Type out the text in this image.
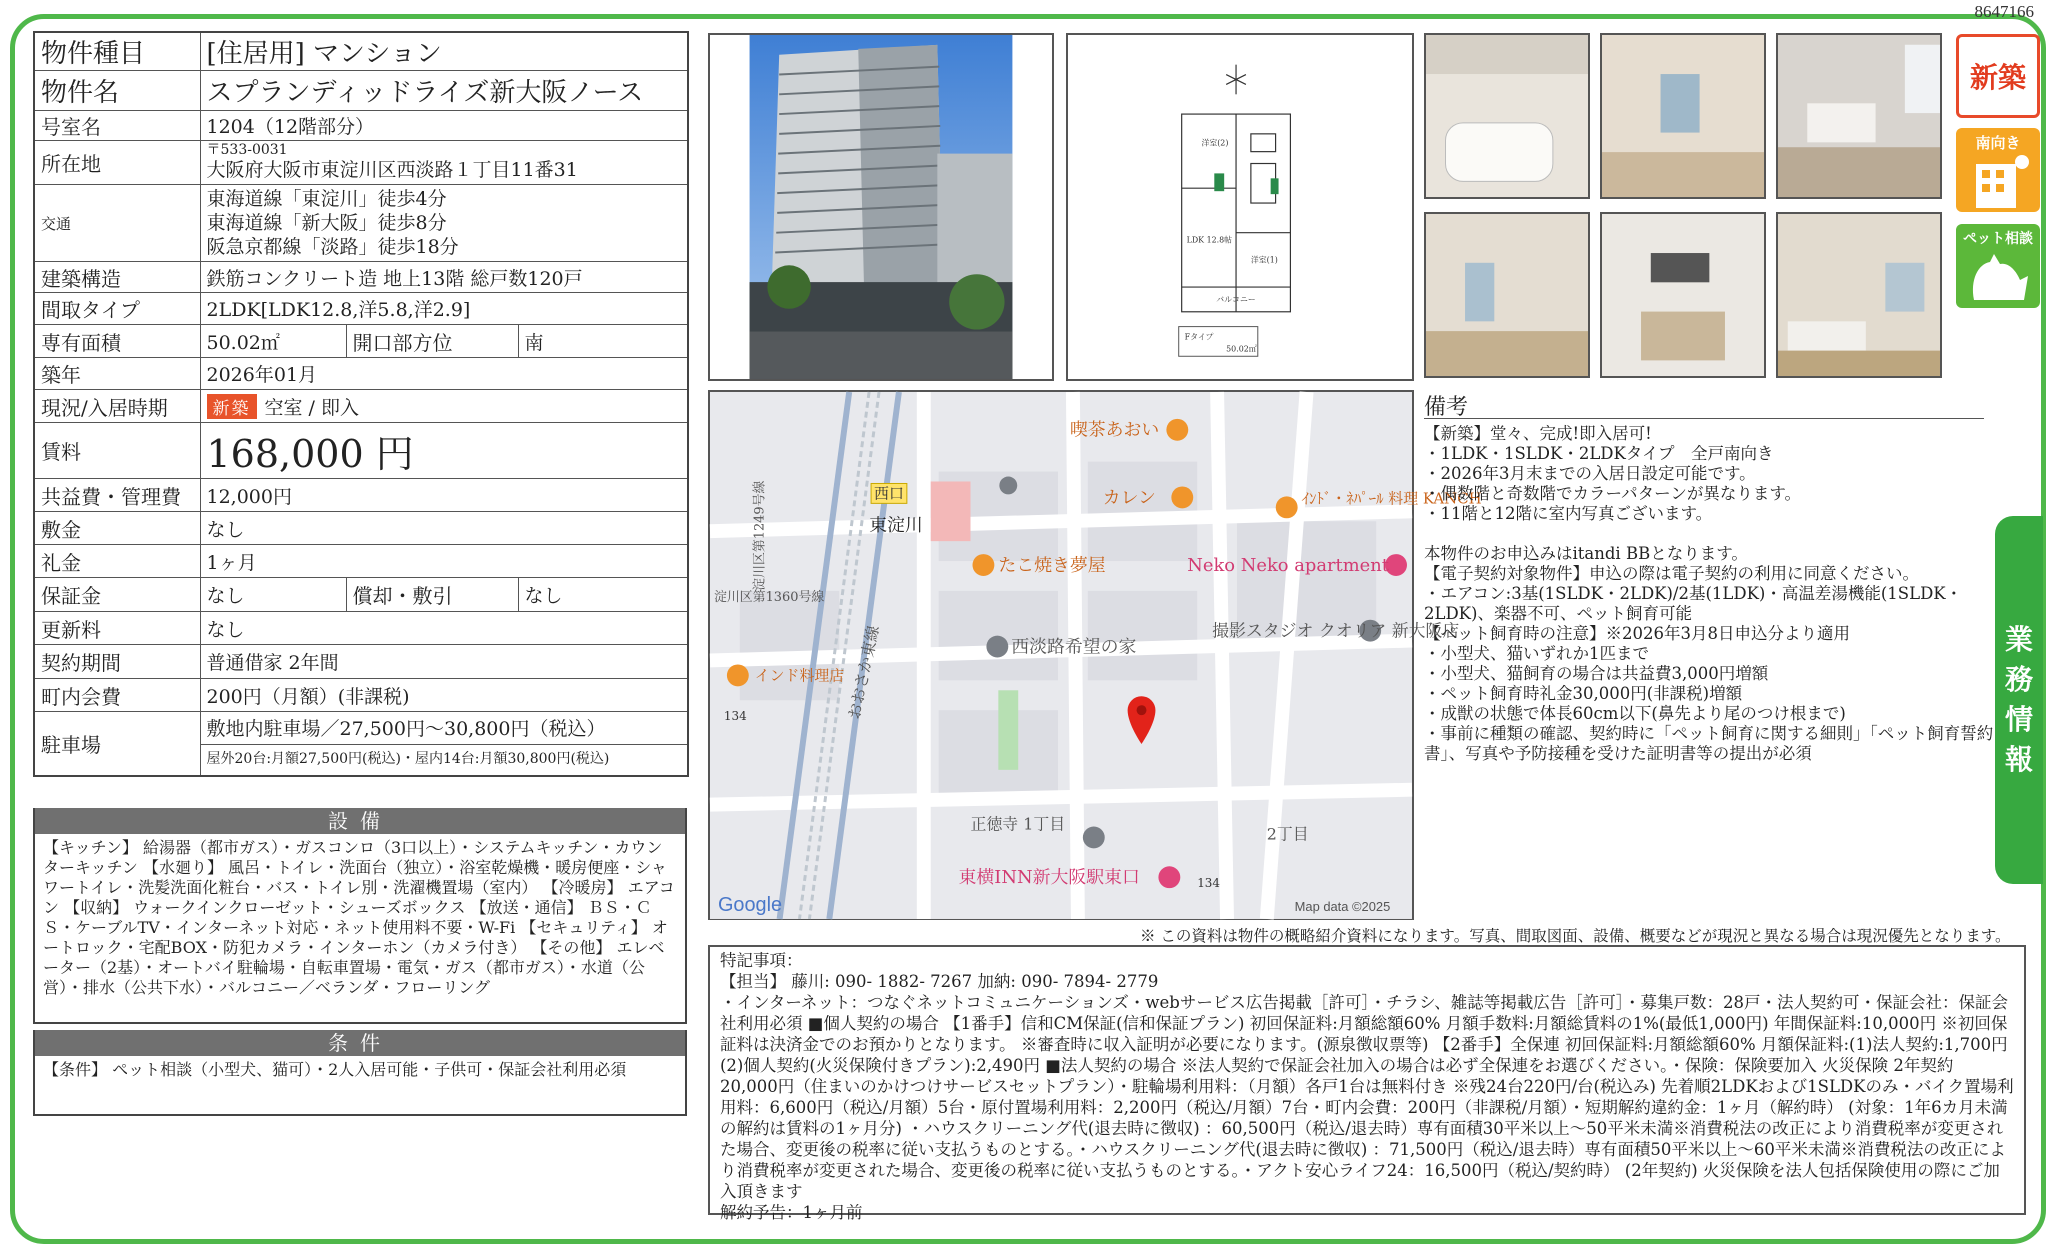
8647166
物件種目	[住居用] マンション		
物件名	スプランディッドライズ新大阪ノース		
号室名	1204（12階部分）		
所在地	〒533-0031
大阪府大阪市東淀川区西淡路１丁目11番31		
交通	東海道線「東淀川」徒歩4分
東海道線「新大阪」徒歩8分
阪急京都線「淡路」徒歩18分		

建築構造	鉄筋コンクリート造 地上13階 総戸数120戸		
間取タイプ	2LDK[LDK12.8,洋5.8,洋2.9]		
専有面積	50.02㎡	開口部方位	南
築年	2026年01月		
現況/入居時期	新築 空室 / 即入		
賃料	168,000 円		
共益費・管理費	12,000円		
敷金	なし		
礼金	1ヶ月		
保証金	なし	償却・敷引	なし
更新料	なし		
契約期間	普通借家 2年間		
町内会費	200円（月額）(非課税)		
駐車場	敷地内駐車場／27,500円〜30,800円（税込）
屋外20台:月額27,500円(税込)・屋内14台:月額30,800円(税込)		
設備
【キッチン】 給湯器（都市ガス）・ガスコンロ（3口以上）・システムキッチン・カウンターキッチン 【水廻り】 風呂・トイレ・洗面台（独立）・浴室乾燥機・暖房便座・シャワートイレ・洗髪洗面化粧台・バス・トイレ別・洗濯機置場（室内） 【冷暖房】 エアコン 【収納】 ウォークインクローゼット・シューズボックス 【放送・通信】 ＢＳ・ＣＳ・ケーブルTV・インターネット対応・ネット使用料不要・W-Fi 【セキュリティ】 オートロック・宅配BOX・防犯カメラ・インターホン（カメラ付き） 【その他】 エレベーター（2基）・オートバイ駐輪場・自転車置場・電気・ガス（都市ガス）・水道（公営）・排水（公共下水）・バルコニー／ベランダ・フローリング
条件
【条件】 ペット相談（小型犬、猫可）・2人入居可能・子供可・保証会社利用必須
洋室(2)
LDK 12.8帖
洋室(1)
バルコニー
Fタイプ
50.02㎡
新築
南向き
ペット相談
淀川区第1249号線
喫茶あおい
西口
東淀川
カレン	ｲﾝﾄﾞ・ﾈﾊﾟｰﾙ 料理 KANCH
たこ焼き夢屋	Neko Neko apartment
淀川区第1360号線
おおさか東線	撮影スタジオ クオリア 新大阪店
西淡路希望の家
インド料理店
134
正徳寺 1丁目
2丁目
東横INN新大阪駅東口	134
Google	Map data ©2025
備考
【新築】堂々、完成!即入居可!
・1LDK・1SLDK・2LDKタイプ　全戸南向き
・2026年3月末までの入居日設定可能です。
・偶数階と奇数階でカラーパターンが異なります。
・11階と12階に室内写真ございます。

本物件のお申込みはitandi BBとなります。
【電子契約対象物件】申込の際は電子契約の利用に同意ください。
・エアコン:3基(1SLDK・2LDK)/2基(1LDK)・高温差湯機能(1SLDK・2LDK)、楽器不可、ペット飼育可能
【ペット飼育時の注意】※2026年3月8日申込分より適用
・小型犬、猫いずれか1匹まで
・小型犬、猫飼育の場合は共益費3,000円増額
・ペット飼育時礼金30,000円(非課税)増額
・成獣の状態で体長60cm以下(鼻先より尾のつけ根まで)
・事前に種類の確認、契約時に「ペット飼育に関する細則」「ペット飼育誓約書」、写真や予防接種を受けた証明書等の提出が必須
業
務
情
報
※ この資料は物件の概略紹介資料になります。写真、間取図面、設備、概要などが現況と異なる場合は現況優先となります。
特記事項：
【担当】 藤川: 090- 1882- 7267 加納: 090- 7894- 2779
・インターネット：つなぐネットコミュニケーションズ・webサービス広告掲載［許可］・チラシ、雑誌等掲載広告［許可］・募集戸数：28戸・法人契約可・保証会社：保証会社利用必須 ■個人契約の場合 【1番手】信和CM保証(信和保証プラン) 初回保証料:月額総額60% 月額手数料:月額総賃料の1%(最低1,000円) 年間保証料:10,000円 ※初回保証料は決済金でのお預かりとなります。 ※審査時に収入証明が必要になります。(源泉徴収票等) 【2番手】全保連 初回保証料:月額総額60% 月額保証料:(1)法人契約:1,700円 (2)個人契約(火災保険付きプラン):2,490円 ■法人契約の場合 ※法人契約で保証会社加入の場合は必ず全保連をお選びください。・保険：保険要加入 火災保険 2年契約 20,000円（住まいのかけつけサービスセットプラン）・駐輪場利用料：（月額）各戸1台は無料付き ※残24台220円/台(税込み) 先着順2LDKおよび1SLDKのみ・バイク置場利用料：6,600円（税込/月額）5台・原付置場利用料：2,200円（税込/月額）7台・町内会費：200円（非課税/月額）・短期解約違約金：1ヶ月（解約時） (対象：1年6カ月未満の解約は賃料の1ヶ月分) ・ハウスクリーニング代(退去時に徴収) ：60,500円（税込/退去時）専有面積30平米以上〜50平米未満※消費税法の改正により消費税率が変更された場合、変更後の税率に従い支払うものとする。・ハウスクリーニング代(退去時に徴収) ：71,500円（税込/退去時）専有面積50平米以上〜60平米未満※消費税法の改正により消費税率が変更された場合、変更後の税率に従い支払うものとする。・アクト安心ライフ24：16,500円（税込/契約時） (2年契約) 火災保険を法人包括保険使用の際にご加入頂きます
解約予告：1ヶ月前
